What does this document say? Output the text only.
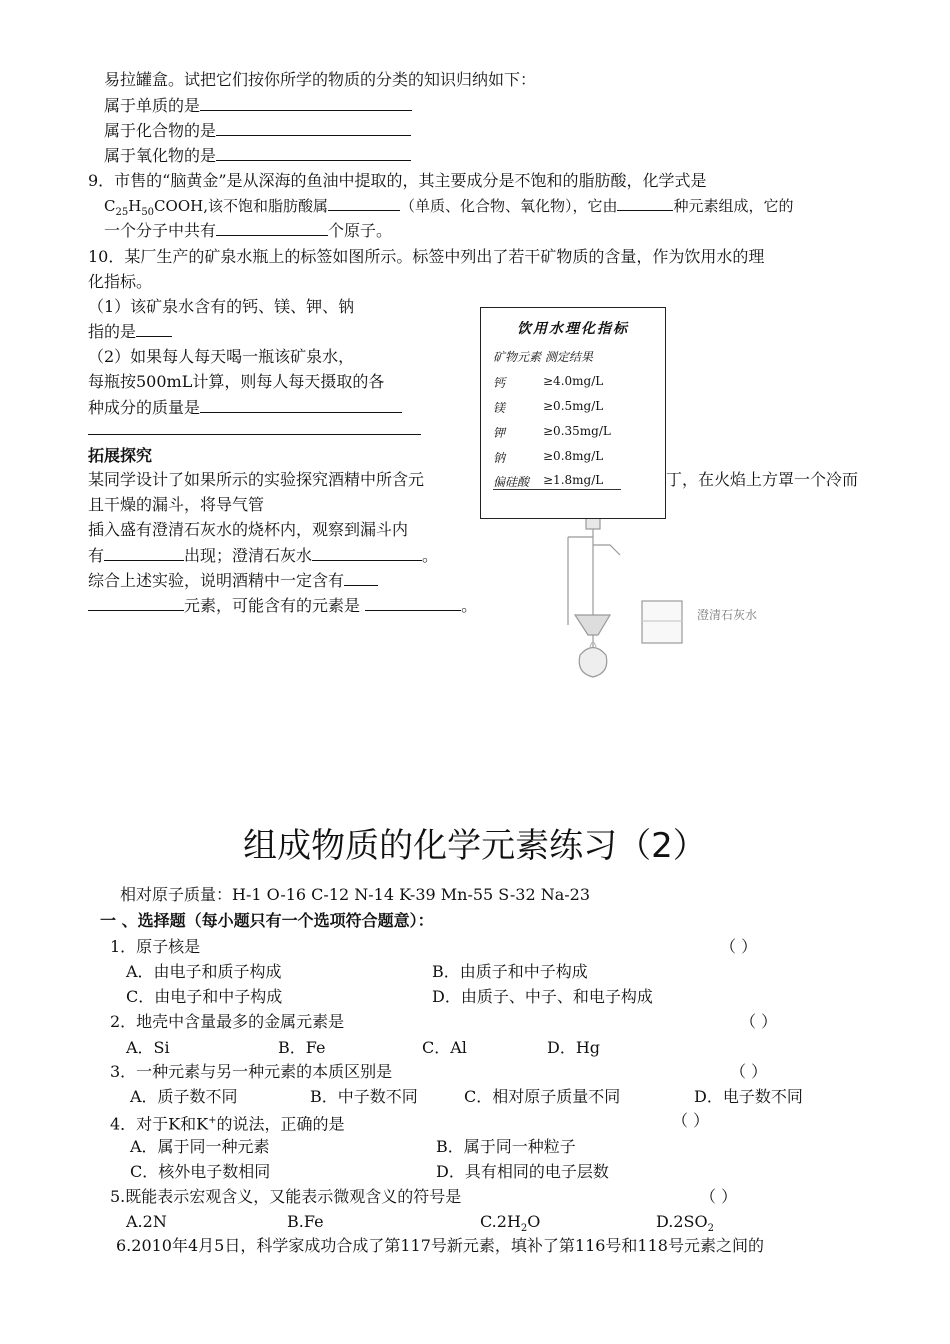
易拉罐盒。试把它们按你所学的物质的分类的知识归纳如下：
属于单质的是
属于化合物的是
属于氧化物的是
9．市售的“脑黄金”是从深海的鱼油中提取的，其主要成分是不饱和的脂肪酸，化学式是
$C_{25}H_{50}COOH$,该不饱和脂肪酸属	（单质、化合物、氧化物），它由	种元素组成，它的
一个分子中共有	个原子。
10．某厂生产的矿泉水瓶上的标签如图所示。标签中列出了若干矿物质的含量，作为饮用水的理
化指标。
（1）该矿泉水含有的钙、镁、钾、钠
指的是
（2）如果每人每天喝一瓶该矿泉水，
每瓶按500mL计算，则每人每天摄取的各
种成分的质量是
拓展探究
某同学设计了如果所示的实验探究酒精中所含元	丁，在火焰上方罩一个冷而
且干燥的漏斗，将导气管
插入盛有澄清石灰水的烧杯内，观察到漏斗内
有	出现；澄清石灰水	。
综合上述实验，说明酒精中一定含有
元素，可能含有的元素是	。	澄清石灰水
饮用水理化指标
矿物元素 测定结果
钙	≥4.0mg/L
镁	≥0.5mg/L
钾	≥0.35mg/L
钠	≥0.8mg/L
偏硅酸 ≥1.8mg/L
组成物质的化学元素练习（2）
相对原子质量：H-1 O-16 C-12 N-14 K-39 Mn-55 S-32 Na-23
一 、选择题（每小题只有一个选项符合题意）：
1．原子核是	（ ）
A．由电子和质子构成	B．由质子和中子构成
C．由电子和中子构成	D．由质子、中子、和电子构成
2．地壳中含量最多的金属元素是	（ ）
A．Si	B．Fe	C．Al	D．Hg
3．一种元素与另一种元素的本质区别是	（ ）
A．质子数不同	B．中子数不同	C．相对原子质量不同	D．电子数不同
4．对于K和K+的说法，正确的是	（ ）
A．属于同一种元素	B．属于同一种粒子
C．核外电子数相同	D．具有相同的电子层数
5.既能表示宏观含义，又能表示微观含义的符号是	（ ）
A.2N	B.Fe	$C.2H_2O$	$D.2SO_2$
6.2010年4月5日，科学家成功合成了第117号新元素，填补了第116号和118号元素之间的
